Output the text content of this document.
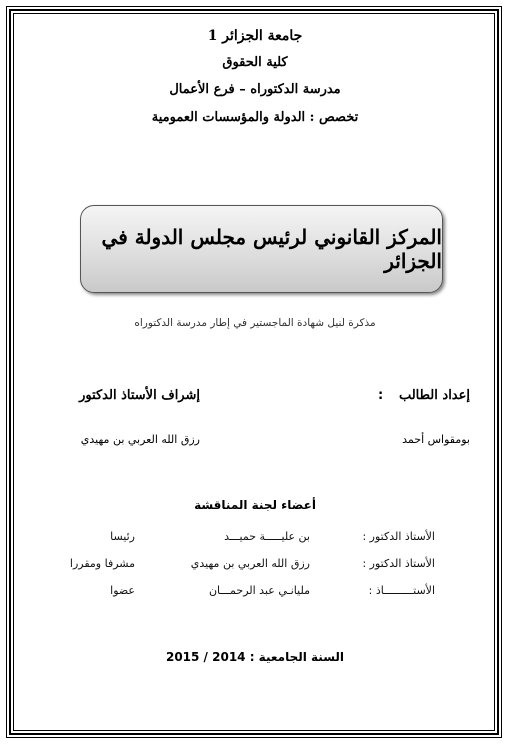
جامعة الجزائر 1
كلية الحقوق
مدرسة الدكتوراه – فرع الأعمال
تخصص : الدولة والمؤسسات العمومية
المركز القانوني لرئيس مجلس الدولة في الجزائر
مذكرة لنيل شهادة الماجستير في إطار مدرسة الدكتوراه
إعداد الطالب
:
إشراف الأستاذ الدكتور
بومقواس أحمد
رزق الله العربي بن مهيدي
أعضاء لجنة المناقشة
الأستاذ الدكتور :
بن عليـــــة حميـــد
رئيسا
الأستاذ الدكتور :
رزق الله العربي بن مهيدي
مشرفا ومقررا
الأستـــــــــاذ :
مليانـي عبد الرحمـــان
عضوا
السنة الجامعية : 2014 / 2015
